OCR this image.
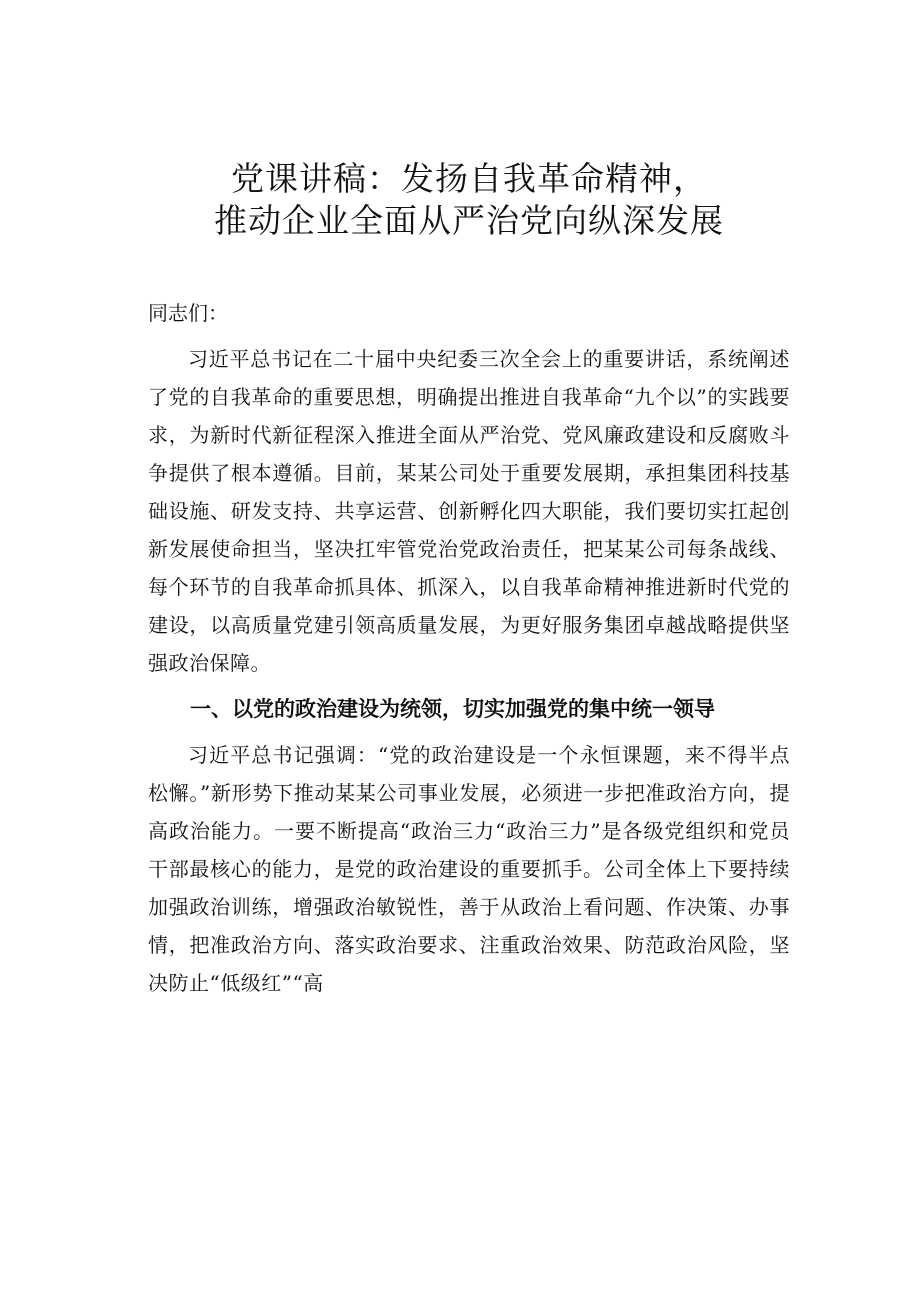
党课讲稿：发扬自我革命精神，
推动企业全面从严治党向纵深发展

同志们：

习近平总书记在二十届中央纪委三次全会上的重要讲话，系统阐述了党的自我革命的重要思想，明确提出推进自我革命“九个以”的实践要求，为新时代新征程深入推进全面从严治党、党风廉政建设和反腐败斗争提供了根本遵循。目前，某某公司处于重要发展期，承担集团科技基础设施、研发支持、共享运营、创新孵化四大职能，我们要切实扛起创新发展使命担当，坚决扛牢管党治党政治责任，把某某公司每条战线、每个环节的自我革命抓具体、抓深入，以自我革命精神推进新时代党的建设，以高质量党建引领高质量发展，为更好服务集团卓越战略提供坚强政治保障。

一、以党的政治建设为统领，切实加强党的集中统一领导

习近平总书记强调：“党的政治建设是一个永恒课题，来不得半点松懈。”新形势下推动某某公司事业发展，必须进一步把准政治方向，提高政治能力。一要不断提高“政治三力“政治三力”是各级党组织和党员干部最核心的能力，是党的政治建设的重要抓手。公司全体上下要持续加强政治训练，增强政治敏锐性，善于从政治上看问题、作决策、办事情，把准政治方向、落实政治要求、注重政治效果、防范政治风险，坚决防止“低级红”“高
